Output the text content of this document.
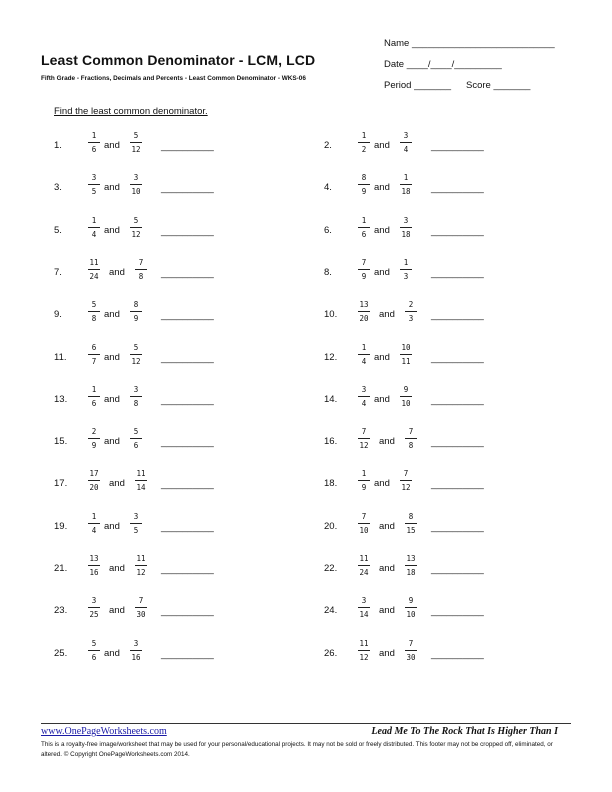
Least Common Denominator - LCM, LCD
Fifth Grade - Fractions, Decimals and Percents - Least Common Denominator - WKS-06
Name ___________________________
Date ____/____/_________
Period _______ Score _______
Find the least common denominator.
1.
1
6 and
5
12 __________	2.
1
2 and
3
4 __________
3.
3
5 and
3
10 __________	4.
8
9 and
1
18 __________
5.
1
4 and
5
12 __________	6.
1
6 and
3
18 __________
7.
11
24 and
7
8 __________	8.
7
9 and
1
3 __________
9.
5
8 and
8
9 __________	10.
13
20 and
2
3 __________
11.
6
7 and
5
12 __________	12.
1
4 and
10
11 __________
13.
1
6 and
3
8 __________	14.
3
4 and
9
10 __________
15.
2
9 and
5
6 __________	16.
7
12 and
7
8 __________
17.
17
20 and
11
14 __________	18.
1
9 and
7
12 __________
19.
1
4 and
3
5 __________	20.
7
10 and
8
15 __________
21.
13
16 and
11
12 __________	22.
11
24 and
13
18 __________
23.
3
25 and
7
30 __________	24.
3
14 and
9
10 __________
25.
5
6 and
3
16 __________	26.
11
12 and
7
30 __________
www.OnePageWorksheets.com	Lead Me To The Rock That Is Higher Than I
This is a royalty-free image/worksheet that may be used for your personal/educational projects. It may not be sold or freely distributed. This footer may not be cropped off, eliminated, or altered. © Copyright OnePageWorksheets.com 2014.
